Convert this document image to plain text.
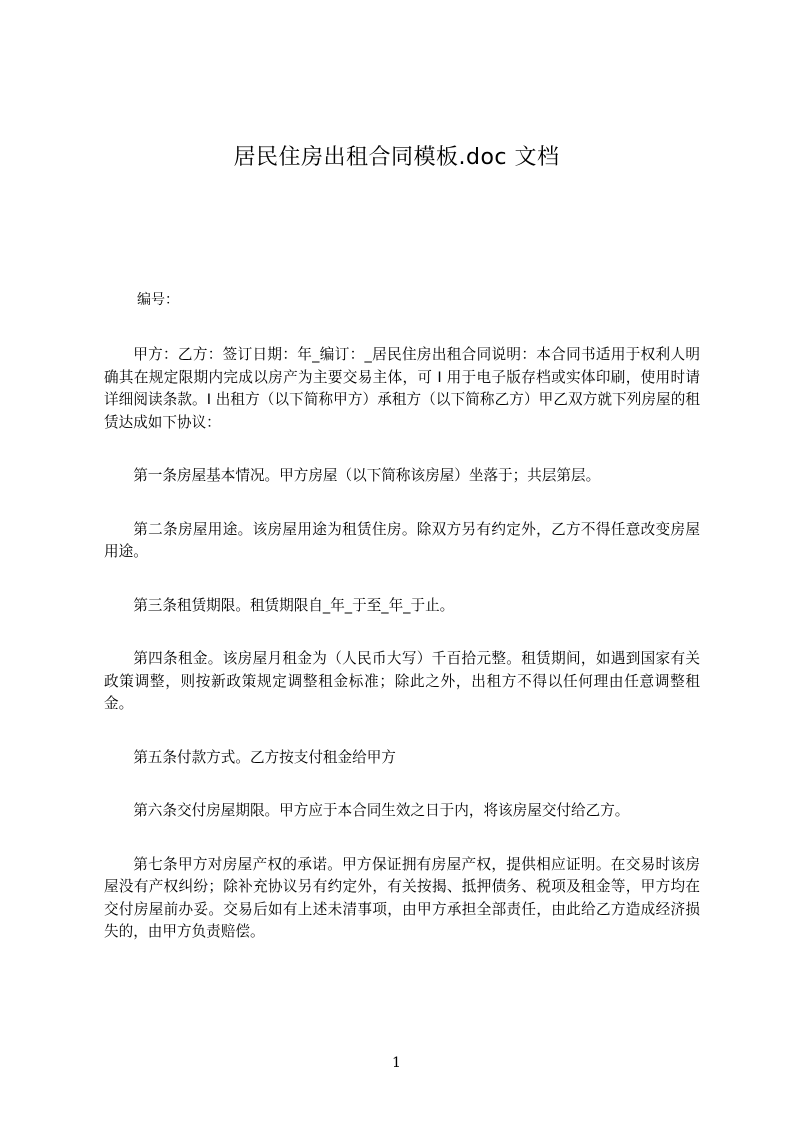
居民住房出租合同模板.doc 文档
编号：

甲方：乙方：签订日期：年_编订：_居民住房出租合同说明：本合同书适用于权利人明确其在规定限期内完成以房产为主要交易主体，可 I 用于电子版存档或实体印刷，使用时请详细阅读条款。I 出租方（以下简称甲方）承租方（以下简称乙方）甲乙双方就下列房屋的租赁达成如下协议：

第一条房屋基本情况。甲方房屋（以下简称该房屋）坐落于；共层第层。

第二条房屋用途。该房屋用途为租赁住房。除双方另有约定外，乙方不得任意改变房屋用途。

第三条租赁期限。租赁期限自_年_于至_年_于止。

第四条租金。该房屋月租金为（人民币大写）千百拾元整。租赁期间，如遇到国家有关政策调整，则按新政策规定调整租金标准；除此之外，出租方不得以任何理由任意调整租金。

第五条付款方式。乙方按支付租金给甲方

第六条交付房屋期限。甲方应于本合同生效之日于内，将该房屋交付给乙方。

第七条甲方对房屋产权的承诺。甲方保证拥有房屋产权，提供相应证明。在交易时该房屋没有产权纠纷；除补充协议另有约定外，有关按揭、抵押债务、税项及租金等，甲方均在交付房屋前办妥。交易后如有上述未清事项，由甲方承担全部责任，由此给乙方造成经济损失的，由甲方负责赔偿。

1
